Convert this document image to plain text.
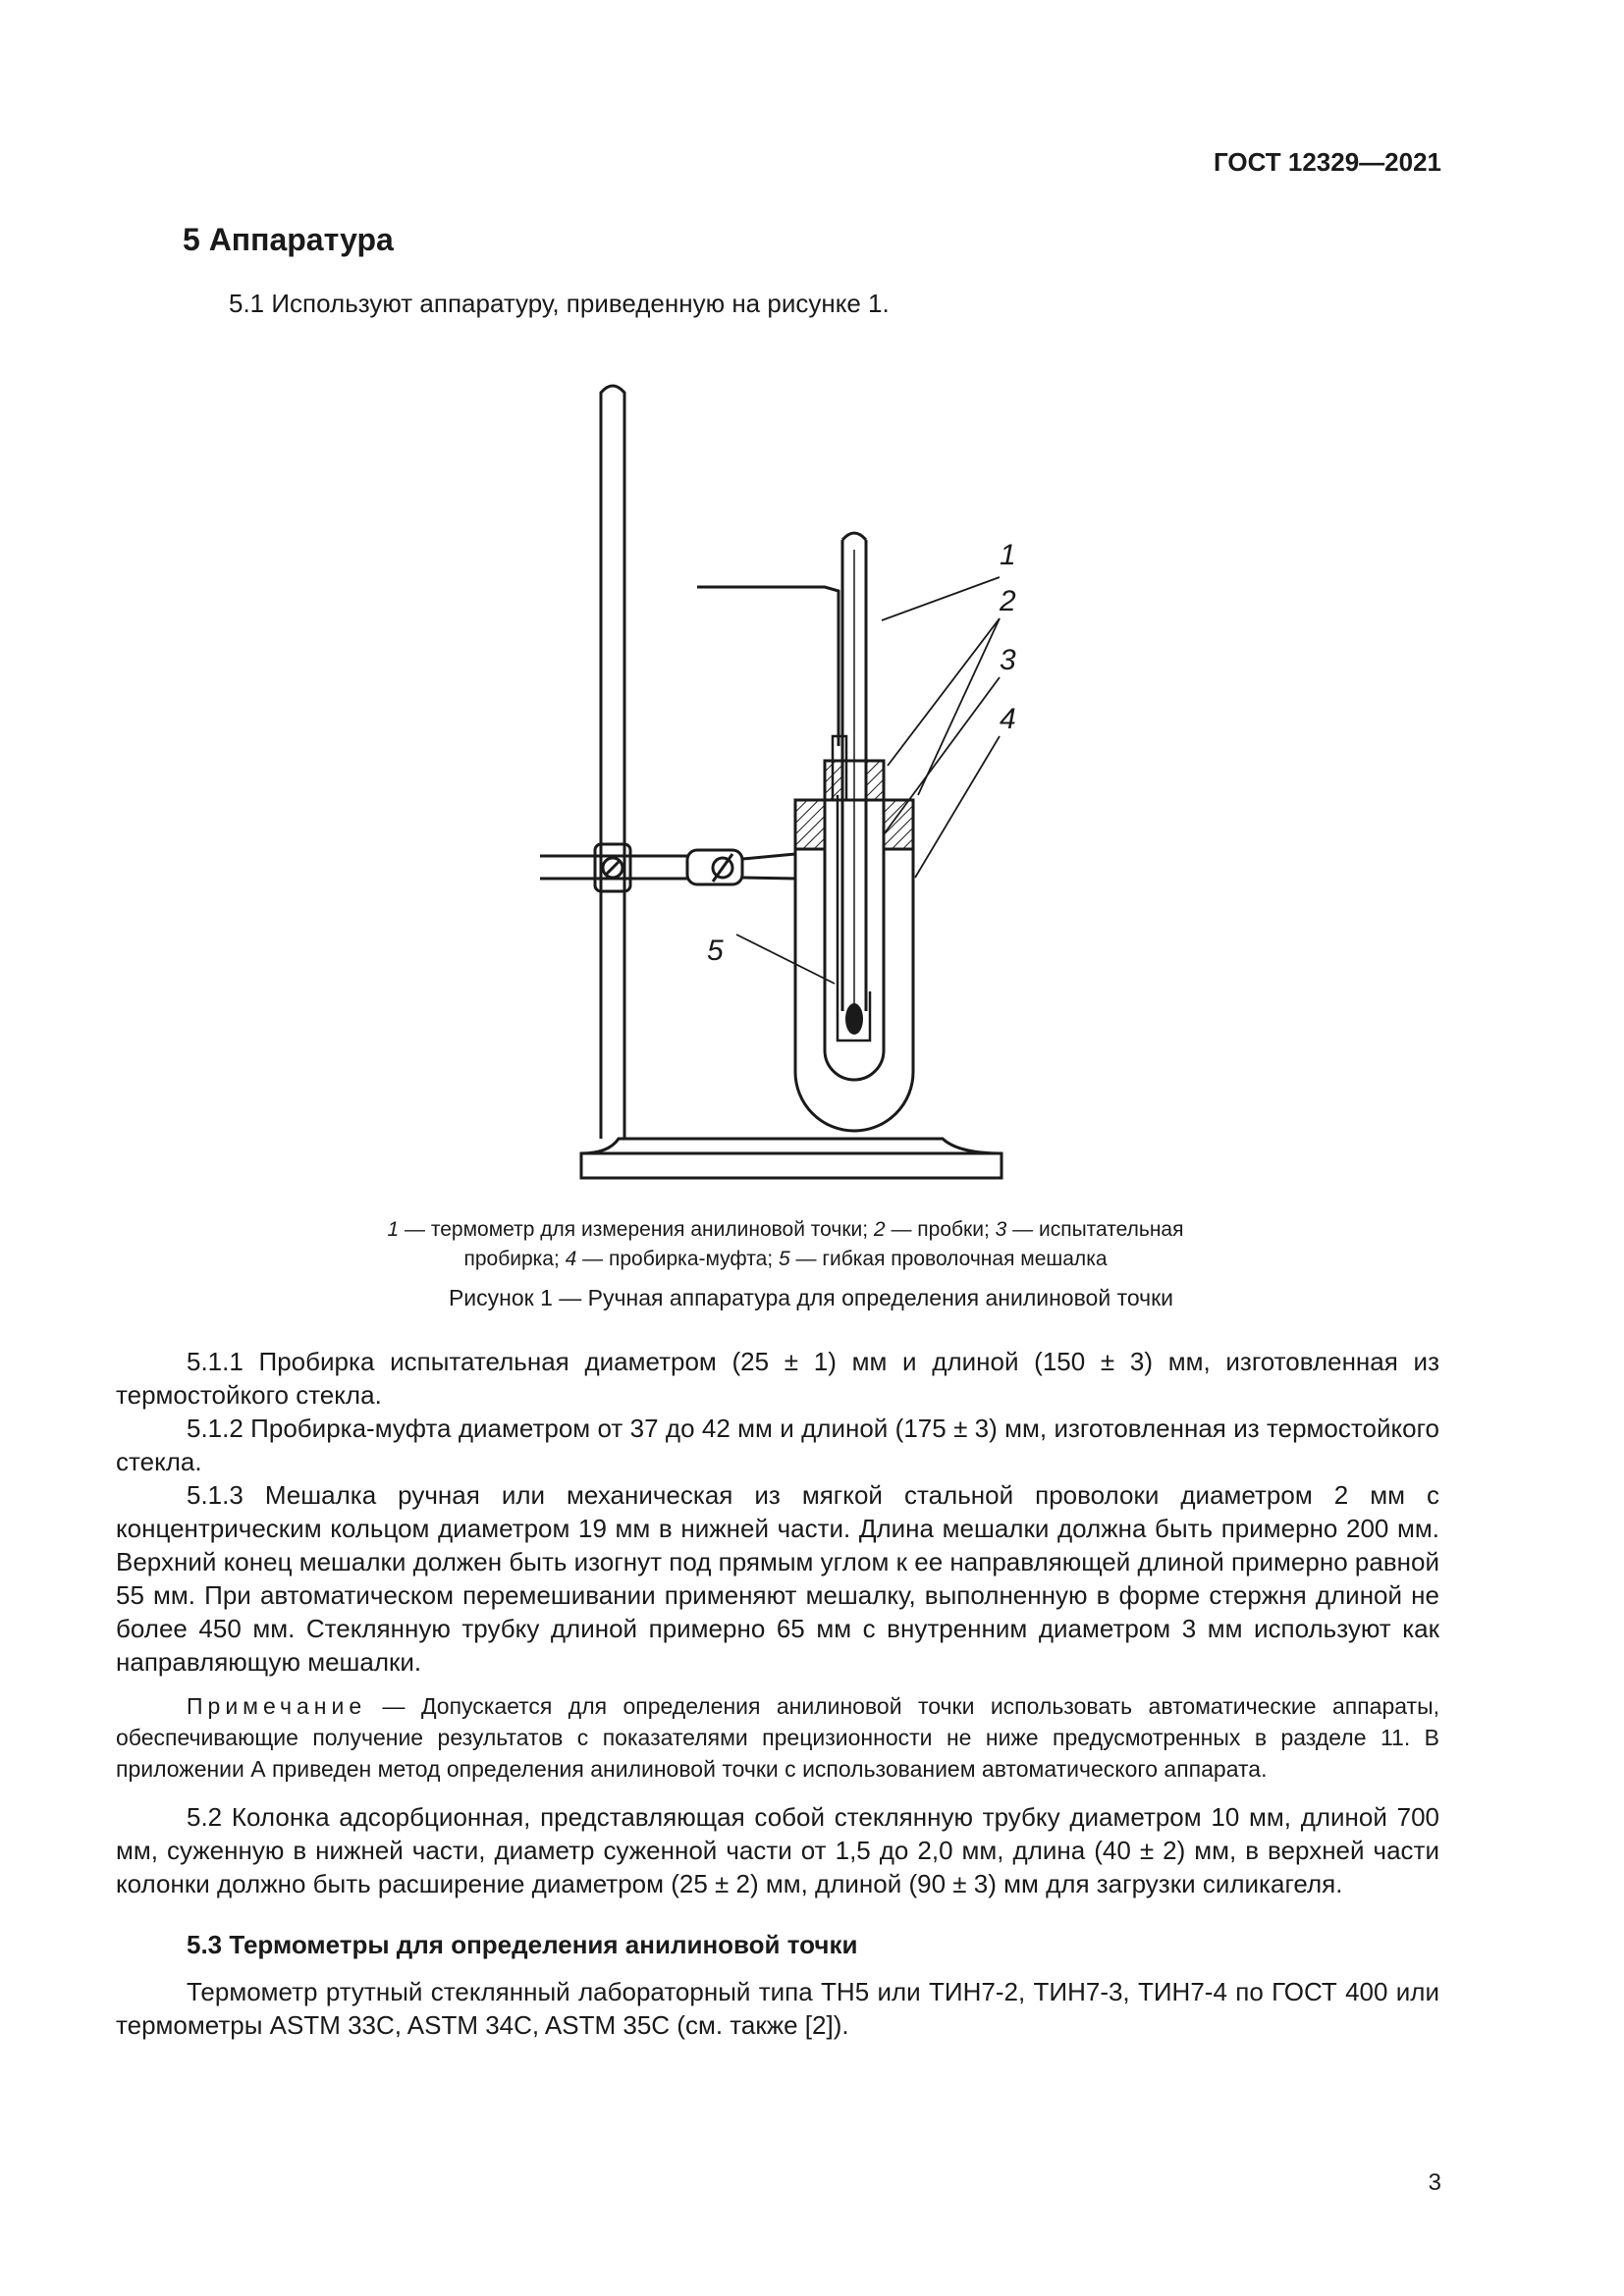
ГОСТ 12329—2021
5 Аппаратура
5.1 Используют аппаратуру, приведенную на рисунке 1.
1
2
3
4
5
1 — термометр для измерения анилиновой точки; 2 — пробки; 3 — испытательная пробирка; 4 — пробирка-муфта; 5 — гибкая проволочная мешалка
Рисунок 1 — Ручная аппаратура для определения анилиновой точки

5.1.1 Пробирка испытательная диаметром (25 ± 1) мм и длиной (150 ± 3) мм, изготовленная из термостойкого стекла.

5.1.2 Пробирка-муфта диаметром от 37 до 42 мм и длиной (175 ± 3) мм, изготовленная из термостойкого стекла.

5.1.3 Мешалка ручная или механическая из мягкой стальной проволоки диаметром 2 мм с концентрическим кольцом диаметром 19 мм в нижней части. Длина мешалки должна быть примерно 200 мм. Верхний конец мешалки должен быть изогнут под прямым углом к ее направляющей длиной примерно равной 55 мм. При автоматическом перемешивании применяют мешалку, выполненную в форме стержня длиной не более 450 мм. Стеклянную трубку длиной примерно 65 мм с внутренним диаметром 3 мм используют как направляющую мешалки.

Примечание — Допускается для определения анилиновой точки использовать автоматические аппараты, обеспечивающие получение результатов с показателями прецизионности не ниже предусмотренных в разделе 11. В приложении А приведен метод определения анилиновой точки с использованием автоматического аппарата.

5.2 Колонка адсорбционная, представляющая собой стеклянную трубку диаметром 10 мм, длиной 700 мм, суженную в нижней части, диаметр суженной части от 1,5 до 2,0 мм, длина (40 ± 2) мм, в верхней части колонки должно быть расширение диаметром (25 ± 2) мм, длиной (90 ± 3) мм для загрузки силикагеля.

5.3 Термометры для определения анилиновой точки

Термометр ртутный стеклянный лабораторный типа ТН5 или ТИН7-2, ТИН7-3, ТИН7-4 по ГОСТ 400 или термометры ASTM 33C, ASTM 34C, ASTM 35C (см. также [2]).

3
